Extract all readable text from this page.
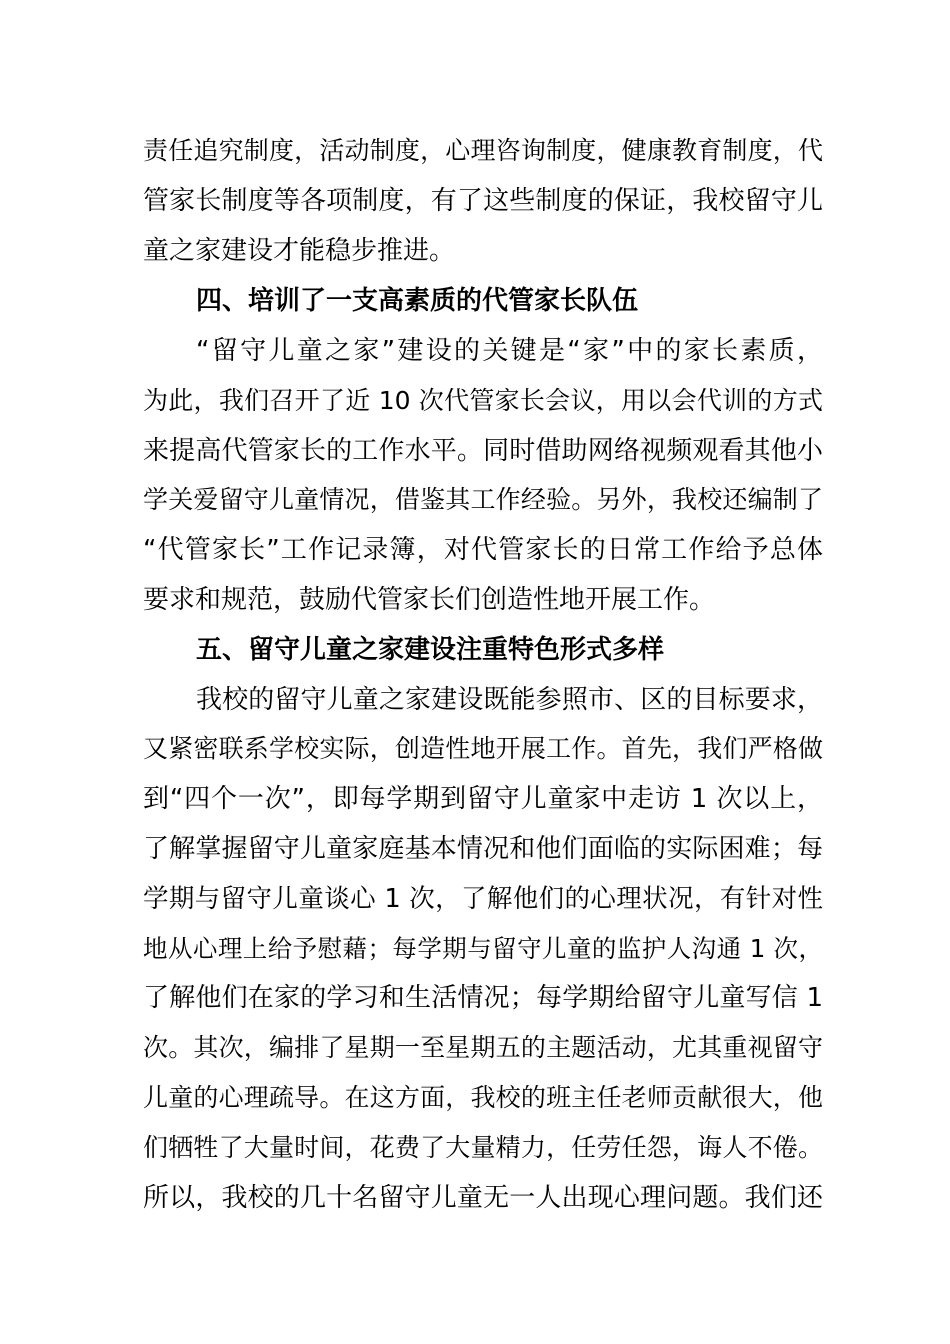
责任追究制度，活动制度，心理咨询制度，健康教育制度，代
管家长制度等各项制度，有了这些制度的保证，我校留守儿
童之家建设才能稳步推进。
四、培训了一支高素质的代管家长队伍
“留守儿童之家”建设的关键是“家”中的家长素质，
为此，我们召开了近 10 次代管家长会议，用以会代训的方式
来提高代管家长的工作水平。同时借助网络视频观看其他小
学关爱留守儿童情况，借鉴其工作经验。另外，我校还编制了
“代管家长”工作记录簿，对代管家长的日常工作给予总体
要求和规范，鼓励代管家长们创造性地开展工作。
五、留守儿童之家建设注重特色形式多样
我校的留守儿童之家建设既能参照市、区的目标要求，
又紧密联系学校实际，创造性地开展工作。首先，我们严格做
到“四个一次”，即每学期到留守儿童家中走访 1 次以上，
了解掌握留守儿童家庭基本情况和他们面临的实际困难；每
学期与留守儿童谈心 1 次，了解他们的心理状况，有针对性
地从心理上给予慰藉；每学期与留守儿童的监护人沟通 1 次，
了解他们在家的学习和生活情况；每学期给留守儿童写信 1
次。其次，编排了星期一至星期五的主题活动，尤其重视留守
儿童的心理疏导。在这方面，我校的班主任老师贡献很大，他
们牺牲了大量时间，花费了大量精力，任劳任怨，诲人不倦。
所以，我校的几十名留守儿童无一人出现心理问题。我们还
